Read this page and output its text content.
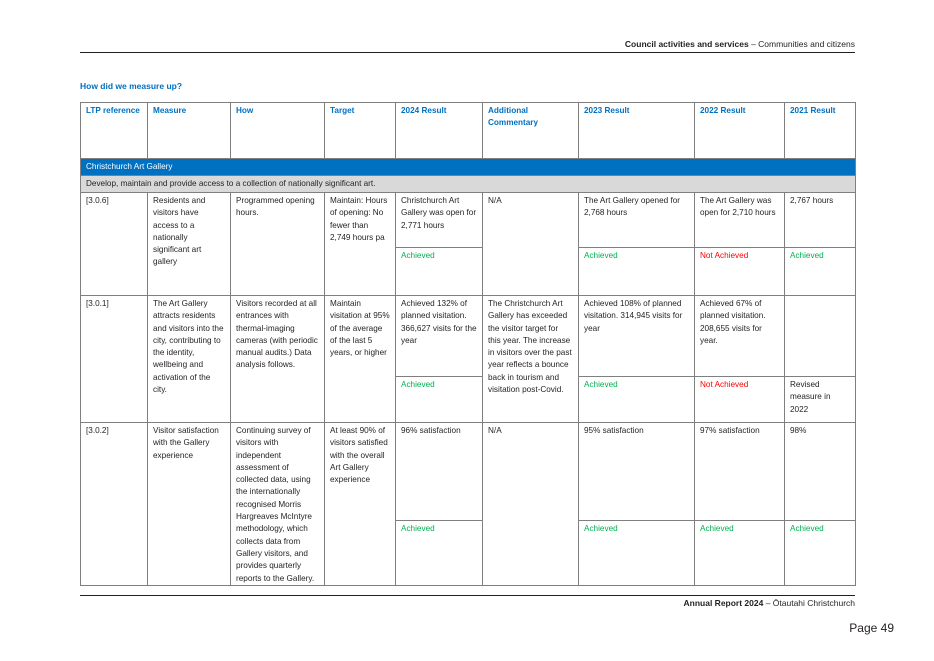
Council activities and services – Communities and citizens
How did we measure up?
LTP reference	Measure	How	Target	2024 Result	Additional Commentary	2023 Result	2022 Result	2021 Result
Christchurch Art Gallery								
Develop, maintain and provide access to a collection of nationally significant art.								
[3.0.6]	Residents and visitors have access to a nationally significant art gallery	Programmed opening hours.	Maintain: Hours of opening: No fewer than 2,749 hours pa	Christchurch Art Gallery was open for 2,771 hours	N/A	The Art Gallery opened for 2,768 hours	The Art Gallery was open for 2,710 hours	2,767 hours
				Achieved		Achieved	Not Achieved	Achieved
[3.0.1]	The Art Gallery attracts residents and visitors into the city, contributing to the identity, wellbeing and activation of the city.	Visitors recorded at all entrances with thermal-imaging cameras (with periodic manual audits.) Data analysis follows.	Maintain visitation at 95% of the average of the last 5 years, or higher	Achieved 132% of planned visitation. 366,627 visits for the year	The Christchurch Art Gallery has exceeded the visitor target for this year. The increase in visitors over the past year reflects a bounce back in tourism and visitation post-Covid.	Achieved 108% of planned visitation. 314,945 visits for year	Achieved 67% of planned visitation. 208,655 visits for year.	
				Achieved		Achieved	Not Achieved	Revised measure in 2022
[3.0.2]	Visitor satisfaction with the Gallery experience	Continuing survey of visitors with independent assessment of collected data, using the internationally recognised Morris Hargreaves McIntyre methodology, which collects data from Gallery visitors, and provides quarterly reports to the Gallery.	At least 90% of visitors satisfied with the overall Art Gallery experience	96% satisfaction	N/A	95% satisfaction	97% satisfaction	98%
				Achieved		Achieved	Achieved	Achieved
Annual Report 2024 – Ōtautahi Christchurch
Page 49
